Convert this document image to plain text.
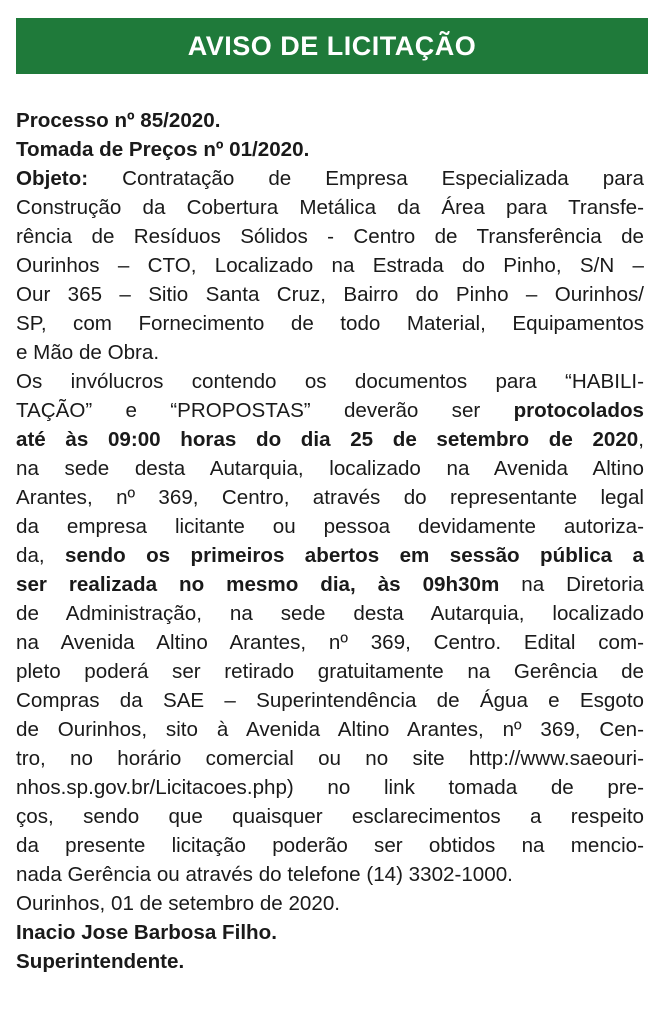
AVISO DE LICITAÇÃO
Processo nº 85/2020.
Tomada de Preços nº 01/2020.
Objeto: Contratação de Empresa Especializada para
Construção da Cobertura Metálica da Área para Transfe-
rência de Resíduos Sólidos - Centro de Transferência de
Ourinhos – CTO, Localizado na Estrada do Pinho, S/N –
Our 365 – Sitio Santa Cruz, Bairro do Pinho – Ourinhos/
SP, com Fornecimento de todo Material, Equipamentos
e Mão de Obra.
Os invólucros contendo os documentos para “HABILI-
TAÇÃO” e “PROPOSTAS” deverão ser protocolados
até às 09:00 horas do dia 25 de setembro de 2020,
na sede desta Autarquia, localizado na Avenida Altino
Arantes, nº 369, Centro, através do representante legal
da empresa licitante ou pessoa devidamente autoriza-
da, sendo os primeiros abertos em sessão pública a
ser realizada no mesmo dia, às 09h30m na Diretoria
de Administração, na sede desta Autarquia, localizado
na Avenida Altino Arantes, nº 369, Centro. Edital com-
pleto poderá ser retirado gratuitamente na Gerência de
Compras da SAE – Superintendência de Água e Esgoto
de Ourinhos, sito à Avenida Altino Arantes, nº 369, Cen-
tro, no horário comercial ou no site http://www.saeouri-
nhos.sp.gov.br/Licitacoes.php) no link tomada de pre-
ços, sendo que quaisquer esclarecimentos a respeito
da presente licitação poderão ser obtidos na mencio-
nada Gerência ou através do telefone (14) 3302-1000.
Ourinhos, 01 de setembro de 2020.
Inacio Jose Barbosa Filho.
Superintendente.
